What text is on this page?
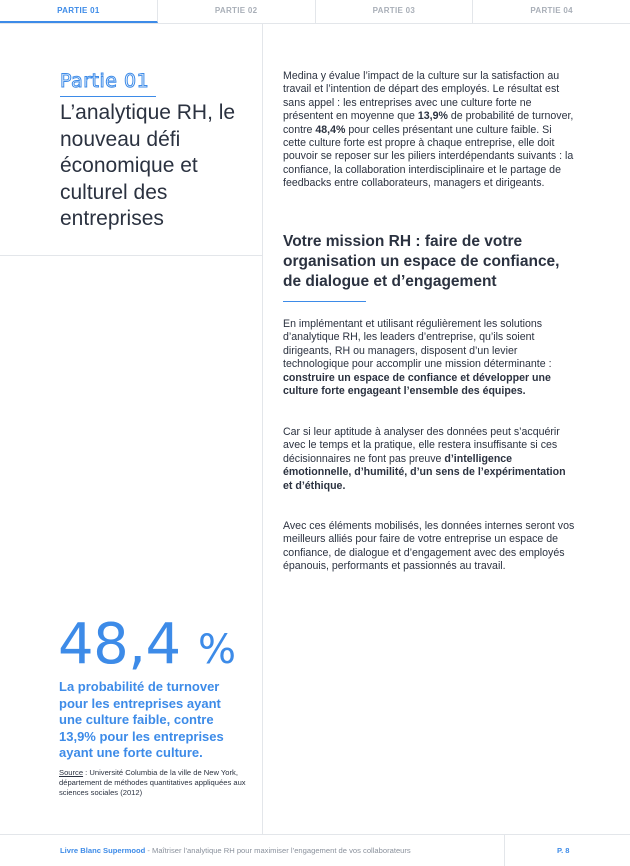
PARTIE 01	PARTIE 02	PARTIE 03	PARTIE 04
Partie 01
L’analytique RH, le nouveau défi économique et culturel des entreprises
48,4 %
La probabilité de turnover pour les entreprises ayant une culture faible, contre 13,9% pour les entreprises ayant une forte culture.
Source : Université Columbia de la ville de New York, département de méthodes quantitatives appliquées aux sciences sociales (2012)

Medina y évalue l’impact de la culture sur la satisfaction au travail et l’intention de départ des employés. Le résultat est sans appel : les entreprises avec une culture forte ne présentent en moyenne que 13,9% de probabilité de turnover, contre 48,4% pour celles présentant une culture faible. Si cette culture forte est propre à chaque entreprise, elle doit pouvoir se reposer sur les piliers interdépendants suivants : la confiance, la collaboration interdisciplinaire et le partage de feedbacks entre collaborateurs, managers et dirigeants.

Votre mission RH : faire de votre organisation un espace de confiance, de dialogue et d’engagement

En implémentant et utilisant régulièrement les solutions d’analytique RH, les leaders d’entreprise, qu’ils soient dirigeants, RH ou managers, disposent d’un levier technologique pour accomplir une mission déterminante : construire un espace de confiance et développer une culture forte engageant l’ensemble des équipes.

Car si leur aptitude à analyser des données peut s’acquérir avec le temps et la pratique, elle restera insuffisante si ces décisionnaires ne font pas preuve d’intelligence émotionnelle, d’humilité, d’un sens de l’expérimentation et d’éthique.

Avec ces éléments mobilisés, les données internes seront vos meilleurs alliés pour faire de votre entreprise un espace de confiance, de dialogue et d’engagement avec des employés épanouis, performants et passionnés au travail.

Livre Blanc Supermood - Maîtriser l’analytique RH pour maximiser l’engagement de vos collaborateurs	P. 8
